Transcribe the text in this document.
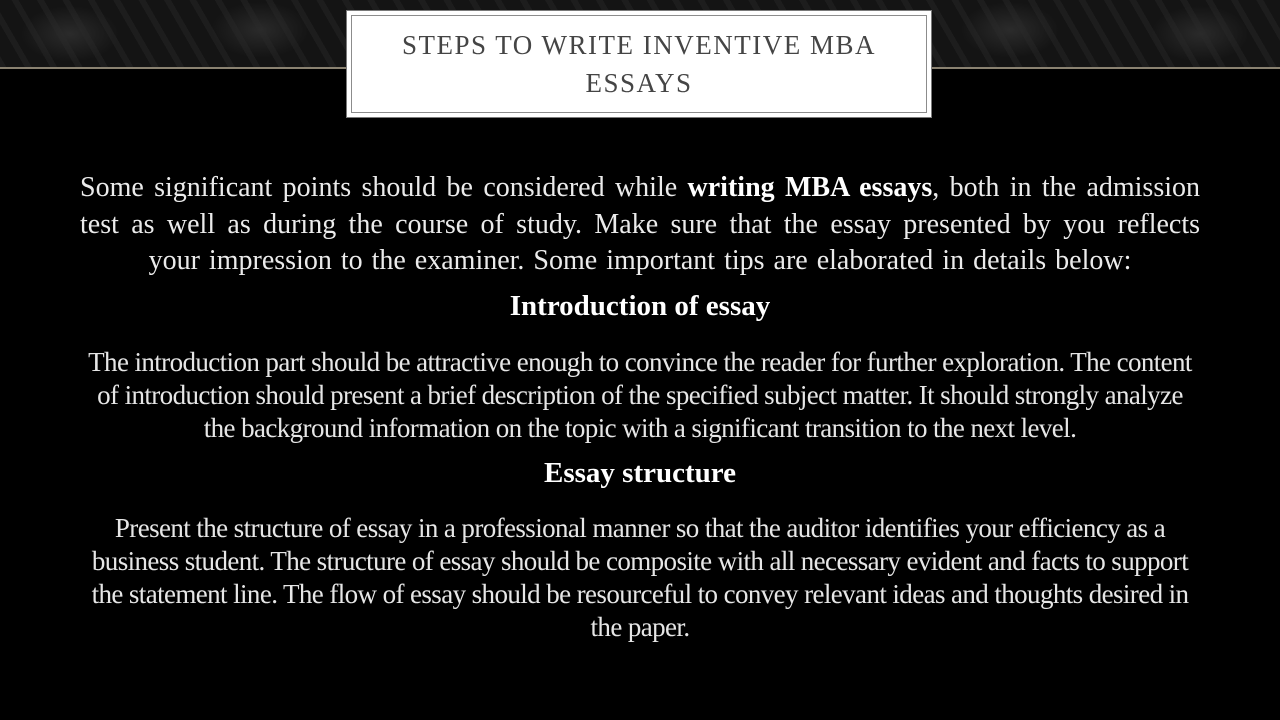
STEPS TO WRITE INVENTIVE MBA ESSAYS

Some significant points should be considered while writing MBA essays, both in the admission test as well as during the course of study. Make sure that the essay presented by you reflects your impression to the examiner. Some important tips are elaborated in details below:

Introduction of essay

The introduction part should be attractive enough to convince the reader for further exploration. The content of introduction should present a brief description of the specified subject matter. It should strongly analyze the background information on the topic with a significant transition to the next level.

Essay structure

Present the structure of essay in a professional manner so that the auditor identifies your efficiency as a business student. The structure of essay should be composite with all necessary evident and facts to support the statement line. The flow of essay should be resourceful to convey relevant ideas and thoughts desired in the paper.
